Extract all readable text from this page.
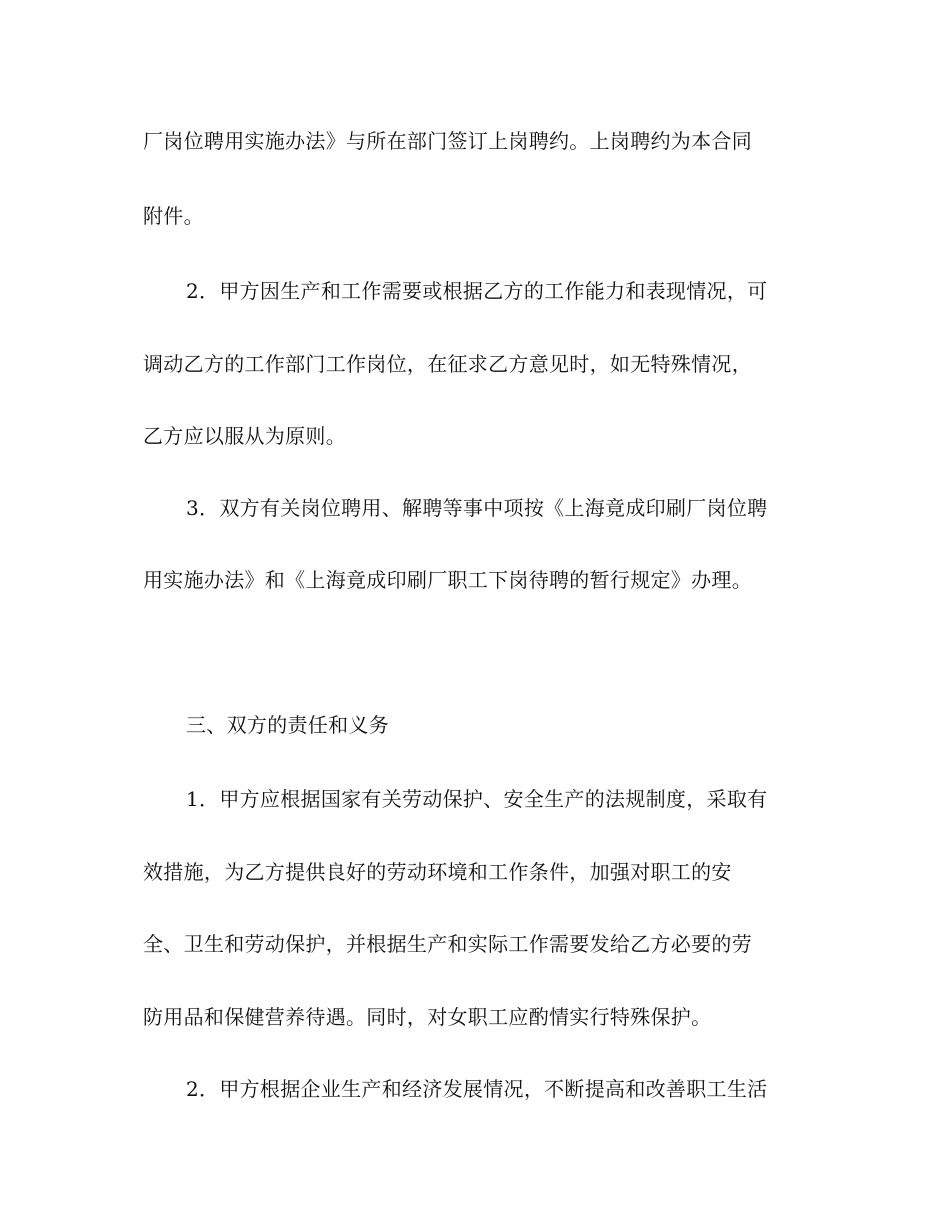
厂岗位聘用实施办法》与所在部门签订上岗聘约。上岗聘约为本合同
附件。
2．甲方因生产和工作需要或根据乙方的工作能力和表现情况，可
调动乙方的工作部门工作岗位，在征求乙方意见时，如无特殊情况，
乙方应以服从为原则。
3．双方有关岗位聘用、解聘等事中项按《上海竟成印刷厂岗位聘
用实施办法》和《上海竟成印刷厂职工下岗待聘的暂行规定》办理。
三、双方的责任和义务
1．甲方应根据国家有关劳动保护、安全生产的法规制度，采取有
效措施，为乙方提供良好的劳动环境和工作条件，加强对职工的安
全、卫生和劳动保护，并根据生产和实际工作需要发给乙方必要的劳
防用品和保健营养待遇。同时，对女职工应酌情实行特殊保护。
2．甲方根据企业生产和经济发展情况，不断提高和改善职工生活
